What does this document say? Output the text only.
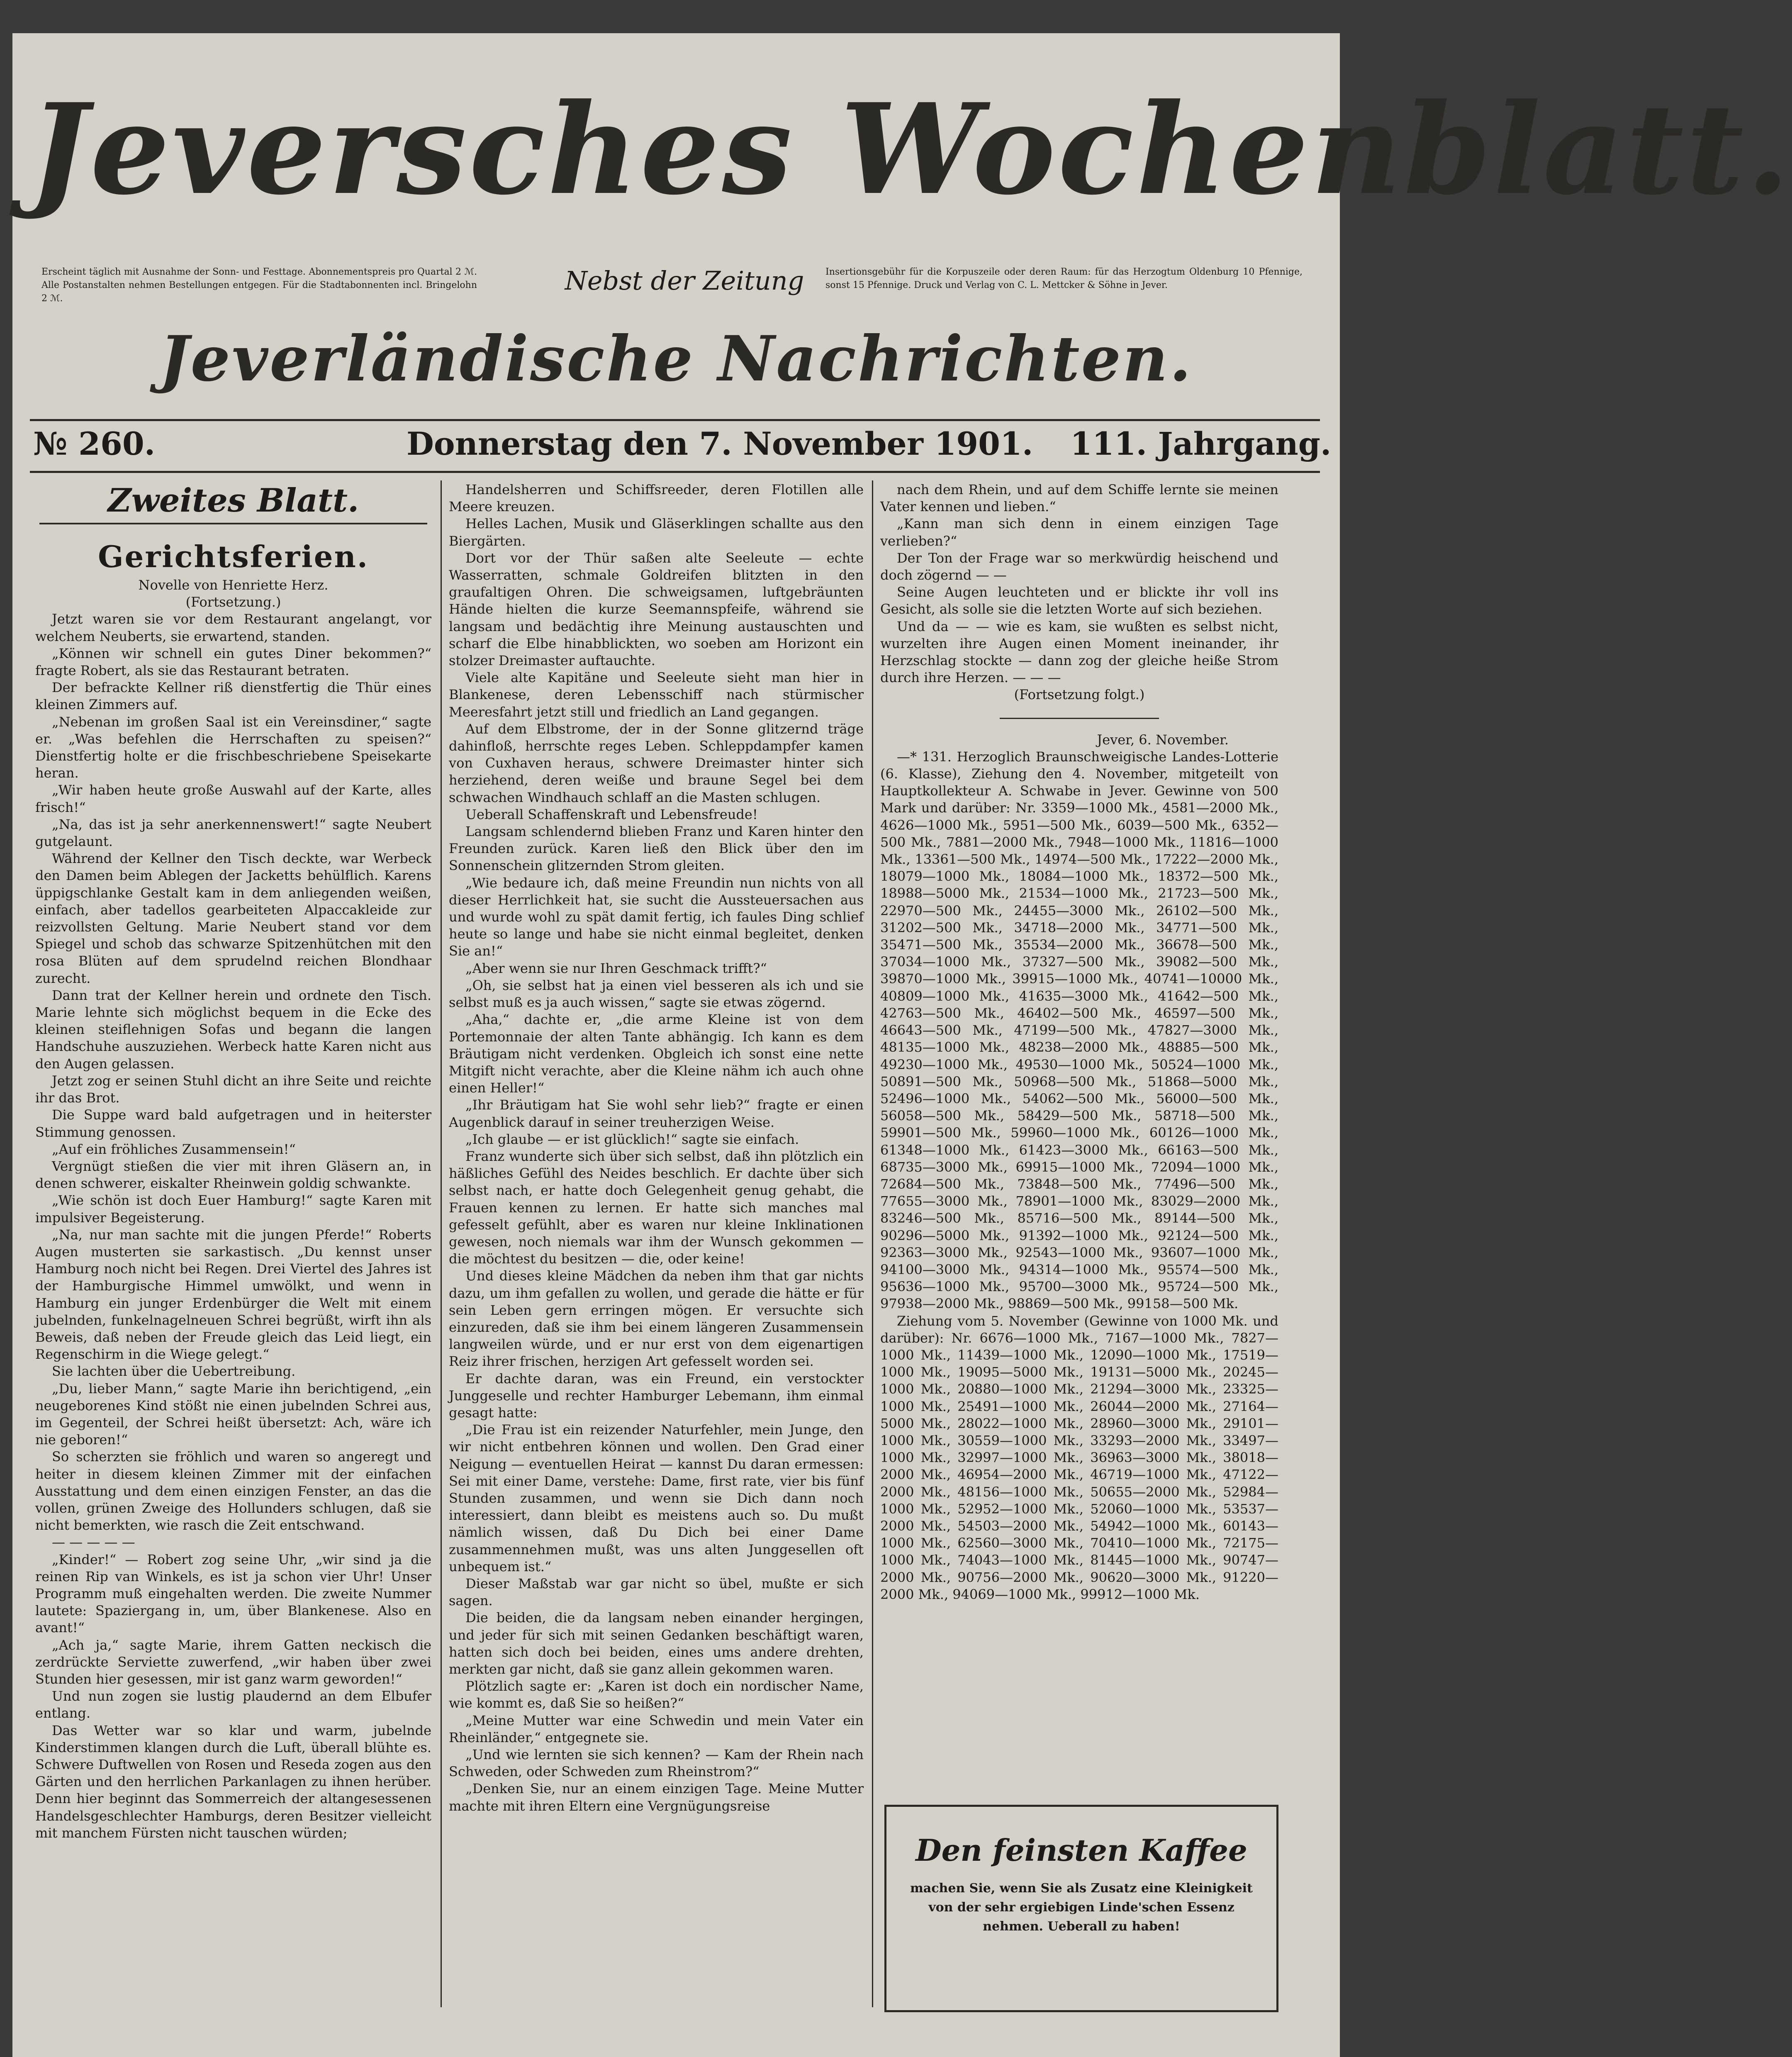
Jeversches Wochenblatt.
Erscheint täglich mit Ausnahme der Sonn- und Festtage. Abonnementspreis pro Quartal 2 ℳ. Alle Postanstalten nehmen Bestellungen entgegen. Für die Stadtabonnenten incl. Bringelohn 2 ℳ.
Nebst der Zeitung	Insertionsgebühr für die Korpuszeile oder deren Raum: für das Herzogtum Oldenburg 10 Pfennige, sonst 15 Pfennige. Druck und Verlag von C. L. Mettcker & Söhne in Jever.
Jeverländische Nachrichten.
№ 260.	Donnerstag den 7. November 1901. 111. Jahrgang.
Zweites Blatt.
Gerichtsferien.

Novelle von Henriette Herz.

(Fortsetzung.)

Jetzt waren sie vor dem Restaurant angelangt, vor welchem Neuberts, sie erwartend, standen.

„Können wir schnell ein gutes Diner bekommen?“ fragte Robert, als sie das Restaurant betraten.

Der befrackte Kellner riß dienstfertig die Thür eines kleinen Zimmers auf.

„Nebenan im großen Saal ist ein Vereinsdiner,“ sagte er. „Was befehlen die Herrschaften zu speisen?“ Dienstfertig holte er die frischbeschriebene Speisekarte heran.

„Wir haben heute große Auswahl auf der Karte, alles frisch!“

„Na, das ist ja sehr anerkennenswert!“ sagte Neubert gutgelaunt.

Während der Kellner den Tisch deckte, war Werbeck den Damen beim Ablegen der Jacketts behülflich. Karens üppigschlanke Gestalt kam in dem anliegenden weißen, einfach, aber tadellos gearbeiteten Alpaccakleide zur reizvollsten Geltung. Marie Neubert stand vor dem Spiegel und schob das schwarze Spitzenhütchen mit den rosa Blüten auf dem sprudelnd reichen Blondhaar zurecht.

Dann trat der Kellner herein und ordnete den Tisch. Marie lehnte sich möglichst bequem in die Ecke des kleinen steiflehnigen Sofas und begann die langen Handschuhe auszuziehen. Werbeck hatte Karen nicht aus den Augen gelassen.

Jetzt zog er seinen Stuhl dicht an ihre Seite und reichte ihr das Brot.

Die Suppe ward bald aufgetragen und in heiterster Stimmung genossen.

„Auf ein fröhliches Zusammensein!“

Vergnügt stießen die vier mit ihren Gläsern an, in denen schwerer, eiskalter Rheinwein goldig schwankte.

„Wie schön ist doch Euer Hamburg!“ sagte Karen mit impulsiver Begeisterung.

„Na, nur man sachte mit die jungen Pferde!“ Roberts Augen musterten sie sarkastisch. „Du kennst unser Hamburg noch nicht bei Regen. Drei Viertel des Jahres ist der Hamburgische Himmel umwölkt, und wenn in Hamburg ein junger Erdenbürger die Welt mit einem jubelnden, funkelnagelneuen Schrei begrüßt, wirft ihn als Beweis, daß neben der Freude gleich das Leid liegt, ein Regenschirm in die Wiege gelegt.“

Sie lachten über die Uebertreibung.

„Du, lieber Mann,“ sagte Marie ihn berichtigend, „ein neugeborenes Kind stößt nie einen jubelnden Schrei aus, im Gegenteil, der Schrei heißt übersetzt: Ach, wäre ich nie geboren!“

So scherzten sie fröhlich und waren so angeregt und heiter in diesem kleinen Zimmer mit der einfachen Ausstattung und dem einen einzigen Fenster, an das die vollen, grünen Zweige des Hollunders schlugen, daß sie nicht bemerkten, wie rasch die Zeit entschwand.

— — — — —

„Kinder!“ — Robert zog seine Uhr, „wir sind ja die reinen Rip van Winkels, es ist ja schon vier Uhr! Unser Programm muß eingehalten werden. Die zweite Nummer lautete: Spaziergang in, um, über Blankenese. Also en avant!“

„Ach ja,“ sagte Marie, ihrem Gatten neckisch die zerdrückte Serviette zuwerfend, „wir haben über zwei Stunden hier gesessen, mir ist ganz warm geworden!“

Und nun zogen sie lustig plaudernd an dem Elbufer entlang.

Das Wetter war so klar und warm, jubelnde Kinderstimmen klangen durch die Luft, überall blühte es. Schwere Duftwellen von Rosen und Reseda zogen aus den Gärten und den herrlichen Parkanlagen zu ihnen herüber. Denn hier beginnt das Sommerreich der altangesessenen Handelsgeschlechter Hamburgs, deren Besitzer vielleicht mit manchem Fürsten nicht tauschen würden;

Handelsherren und Schiffsreeder, deren Flotillen alle Meere kreuzen.

Helles Lachen, Musik und Gläserklingen schallte aus den Biergärten.

Dort vor der Thür saßen alte Seeleute — echte Wasserratten, schmale Goldreifen blitzten in den graufaltigen Ohren. Die schweigsamen, luftgebräunten Hände hielten die kurze Seemannspfeife, während sie langsam und bedächtig ihre Meinung austauschten und scharf die Elbe hinabblickten, wo soeben am Horizont ein stolzer Dreimaster auftauchte.

Viele alte Kapitäne und Seeleute sieht man hier in Blankenese, deren Lebensschiff nach stürmischer Meeresfahrt jetzt still und friedlich an Land gegangen.

Auf dem Elbstrome, der in der Sonne glitzernd träge dahinfloß, herrschte reges Leben. Schleppdampfer kamen von Cuxhaven heraus, schwere Dreimaster hinter sich herziehend, deren weiße und braune Segel bei dem schwachen Windhauch schlaff an die Masten schlugen.

Ueberall Schaffenskraft und Lebensfreude!

Langsam schlendernd blieben Franz und Karen hinter den Freunden zurück. Karen ließ den Blick über den im Sonnenschein glitzernden Strom gleiten.

„Wie bedaure ich, daß meine Freundin nun nichts von all dieser Herrlichkeit hat, sie sucht die Aussteuersachen aus und wurde wohl zu spät damit fertig, ich faules Ding schlief heute so lange und habe sie nicht einmal begleitet, denken Sie an!“

„Aber wenn sie nur Ihren Geschmack trifft?“

„Oh, sie selbst hat ja einen viel besseren als ich und sie selbst muß es ja auch wissen,“ sagte sie etwas zögernd.

„Aha,“ dachte er, „die arme Kleine ist von dem Portemonnaie der alten Tante abhängig. Ich kann es dem Bräutigam nicht verdenken. Obgleich ich sonst eine nette Mitgift nicht verachte, aber die Kleine nähm ich auch ohne einen Heller!“

„Ihr Bräutigam hat Sie wohl sehr lieb?“ fragte er einen Augenblick darauf in seiner treuherzigen Weise.

„Ich glaube — er ist glücklich!“ sagte sie einfach.

Franz wunderte sich über sich selbst, daß ihn plötzlich ein häßliches Gefühl des Neides beschlich. Er dachte über sich selbst nach, er hatte doch Gelegenheit genug gehabt, die Frauen kennen zu lernen. Er hatte sich manches mal gefesselt gefühlt, aber es waren nur kleine Inklinationen gewesen, noch niemals war ihm der Wunsch gekommen — die möchtest du besitzen — die, oder keine!

Und dieses kleine Mädchen da neben ihm that gar nichts dazu, um ihm gefallen zu wollen, und gerade die hätte er für sein Leben gern erringen mögen. Er versuchte sich einzureden, daß sie ihm bei einem längeren Zusammensein langweilen würde, und er nur erst von dem eigenartigen Reiz ihrer frischen, herzigen Art gefesselt worden sei.

Er dachte daran, was ein Freund, ein verstockter Junggeselle und rechter Hamburger Lebemann, ihm einmal gesagt hatte:

„Die Frau ist ein reizender Naturfehler, mein Junge, den wir nicht entbehren können und wollen. Den Grad einer Neigung — eventuellen Heirat — kannst Du daran ermessen: Sei mit einer Dame, verstehe: Dame, first rate, vier bis fünf Stunden zusammen, und wenn sie Dich dann noch interessiert, dann bleibt es meistens auch so. Du mußt nämlich wissen, daß Du Dich bei einer Dame zusammennehmen mußt, was uns alten Junggesellen oft unbequem ist.“

Dieser Maßstab war gar nicht so übel, mußte er sich sagen.

Die beiden, die da langsam neben einander hergingen, und jeder für sich mit seinen Gedanken beschäftigt waren, hatten sich doch bei beiden, eines ums andere drehten, merkten gar nicht, daß sie ganz allein gekommen waren.

Plötzlich sagte er: „Karen ist doch ein nordischer Name, wie kommt es, daß Sie so heißen?“

„Meine Mutter war eine Schwedin und mein Vater ein Rheinländer,“ entgegnete sie.

„Und wie lernten sie sich kennen? — Kam der Rhein nach Schweden, oder Schweden zum Rheinstrom?“

„Denken Sie, nur an einem einzigen Tage. Meine Mutter machte mit ihren Eltern eine Vergnügungsreise

nach dem Rhein, und auf dem Schiffe lernte sie meinen Vater kennen und lieben.“

„Kann man sich denn in einem einzigen Tage verlieben?“

Der Ton der Frage war so merkwürdig heischend und doch zögernd — —

Seine Augen leuchteten und er blickte ihr voll ins Gesicht, als solle sie die letzten Worte auf sich beziehen.

Und da — — wie es kam, sie wußten es selbst nicht, wurzelten ihre Augen einen Moment ineinander, ihr Herzschlag stockte — dann zog der gleiche heiße Strom durch ihre Herzen. — — —

(Fortsetzung folgt.)

Jever, 6. November.

—* 131. Herzoglich Braunschweigische Landes-Lotterie (6. Klasse), Ziehung den 4. November, mitgeteilt von Hauptkollekteur A. Schwabe in Jever. Gewinne von 500 Mark und darüber: Nr. 3359—1000 Mk., 4581—2000 Mk., 4626—1000 Mk., 5951—500 Mk., 6039—500 Mk., 6352—500 Mk., 7881—2000 Mk., 7948—1000 Mk., 11816—1000 Mk., 13361—500 Mk., 14974—500 Mk., 17222—2000 Mk., 18079—1000 Mk., 18084—1000 Mk., 18372—500 Mk., 18988—5000 Mk., 21534—1000 Mk., 21723—500 Mk., 22970—500 Mk., 24455—3000 Mk., 26102—500 Mk., 31202—500 Mk., 34718—2000 Mk., 34771—500 Mk., 35471—500 Mk., 35534—2000 Mk., 36678—500 Mk., 37034—1000 Mk., 37327—500 Mk., 39082—500 Mk., 39870—1000 Mk., 39915—1000 Mk., 40741—10000 Mk., 40809—1000 Mk., 41635—3000 Mk., 41642—500 Mk., 42763—500 Mk., 46402—500 Mk., 46597—500 Mk., 46643—500 Mk., 47199—500 Mk., 47827—3000 Mk., 48135—1000 Mk., 48238—2000 Mk., 48885—500 Mk., 49230—1000 Mk., 49530—1000 Mk., 50524—1000 Mk., 50891—500 Mk., 50968—500 Mk., 51868—5000 Mk., 52496—1000 Mk., 54062—500 Mk., 56000—500 Mk., 56058—500 Mk., 58429—500 Mk., 58718—500 Mk., 59901—500 Mk., 59960—1000 Mk., 60126—1000 Mk., 61348—1000 Mk., 61423—3000 Mk., 66163—500 Mk., 68735—3000 Mk., 69915—1000 Mk., 72094—1000 Mk., 72684—500 Mk., 73848—500 Mk., 77496—500 Mk., 77655—3000 Mk., 78901—1000 Mk., 83029—2000 Mk., 83246—500 Mk., 85716—500 Mk., 89144—500 Mk., 90296—5000 Mk., 91392—1000 Mk., 92124—500 Mk., 92363—3000 Mk., 92543—1000 Mk., 93607—1000 Mk., 94100—3000 Mk., 94314—1000 Mk., 95574—500 Mk., 95636—1000 Mk., 95700—3000 Mk., 95724—500 Mk., 97938—2000 Mk., 98869—500 Mk., 99158—500 Mk.

Ziehung vom 5. November (Gewinne von 1000 Mk. und darüber): Nr. 6676—1000 Mk., 7167—1000 Mk., 7827—1000 Mk., 11439—1000 Mk., 12090—1000 Mk., 17519—1000 Mk., 19095—5000 Mk., 19131—5000 Mk., 20245—1000 Mk., 20880—1000 Mk., 21294—3000 Mk., 23325—1000 Mk., 25491—1000 Mk., 26044—2000 Mk., 27164—5000 Mk., 28022—1000 Mk., 28960—3000 Mk., 29101—1000 Mk., 30559—1000 Mk., 33293—2000 Mk., 33497—1000 Mk., 32997—1000 Mk., 36963—3000 Mk., 38018—2000 Mk., 46954—2000 Mk., 46719—1000 Mk., 47122—2000 Mk., 48156—1000 Mk., 50655—2000 Mk., 52984—1000 Mk., 52952—1000 Mk., 52060—1000 Mk., 53537—2000 Mk., 54503—2000 Mk., 54942—1000 Mk., 60143—1000 Mk., 62560—3000 Mk., 70410—1000 Mk., 72175—1000 Mk., 74043—1000 Mk., 81445—1000 Mk., 90747—2000 Mk., 90756—2000 Mk., 90620—3000 Mk., 91220—2000 Mk., 94069—1000 Mk., 99912—1000 Mk.

Den feinsten Kaffee
machen Sie, wenn Sie als Zusatz eine Kleinigkeit von der sehr ergiebigen Linde'schen Essenz nehmen. Ueberall zu haben!
